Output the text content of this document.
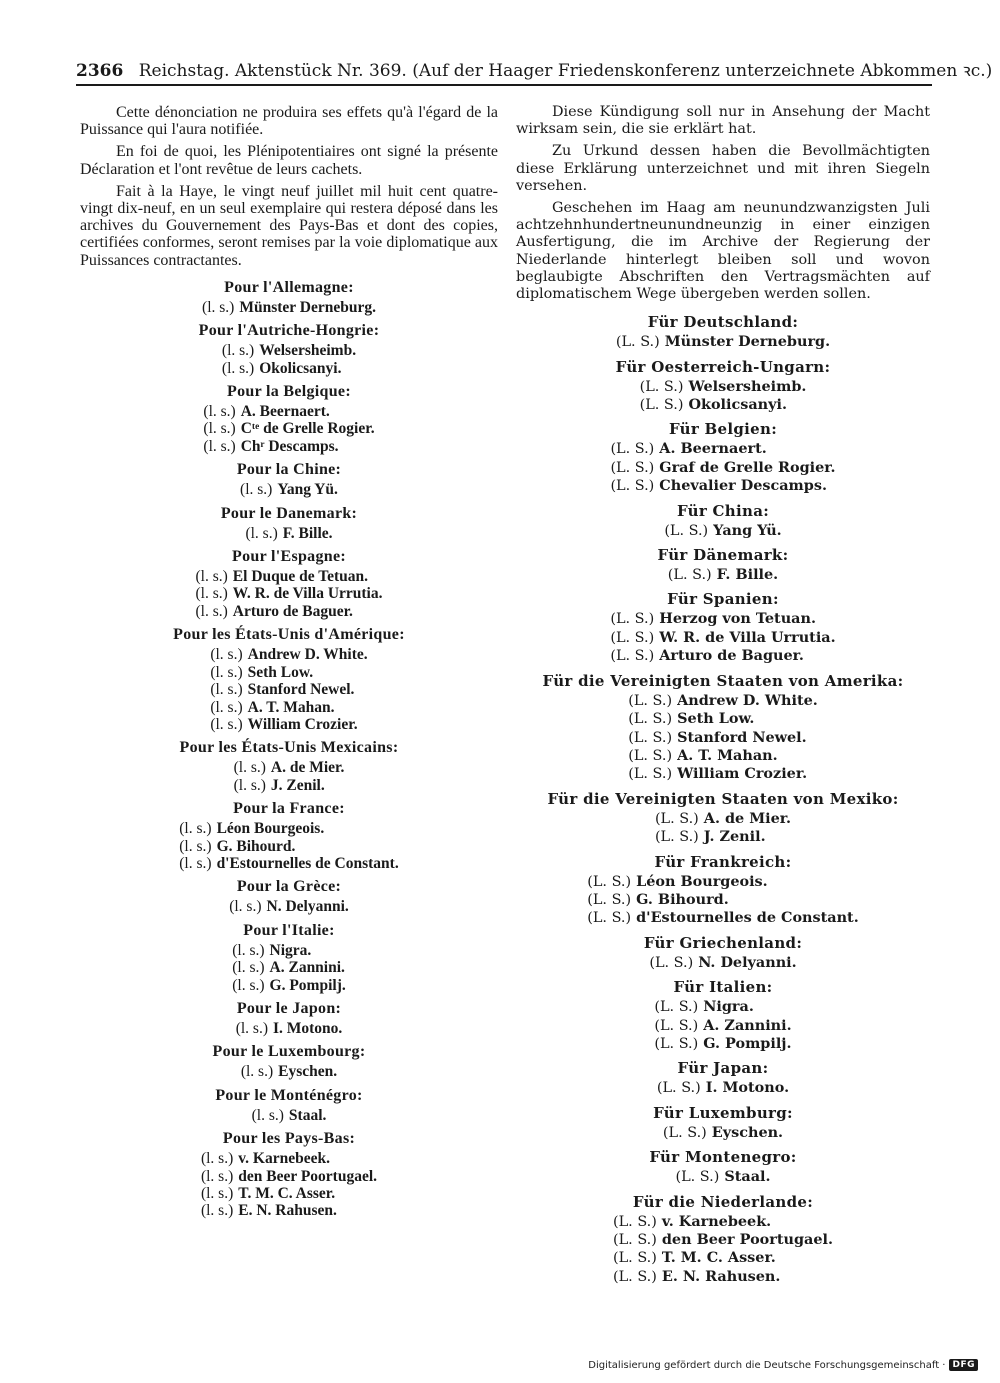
2366 Reichstag. Aktenstück Nr. 369. (Auf der Haager Friedenskonferenz unterzeichnete Abkommen ꝛc.)

Cette dénonciation ne produira ses effets qu'à l'égard de la Puissance qui l'aura notifiée.

En foi de quoi, les Plénipotentiaires ont signé la présente Déclaration et l'ont revêtue de leurs cachets.

Fait à la Haye, le vingt neuf juillet mil huit cent quatre-vingt dix-neuf, en un seul exemplaire qui restera déposé dans les archives du Gouvernement des Pays-Bas et dont des copies, certifiées conformes, seront remises par la voie diplomatique aux Puissances contractantes.

Pour l'Allemagne:
(l. s.) Münster Derneburg.
Pour l'Autriche-Hongrie:
(l. s.) Welsersheimb.
(l. s.) Okolicsanyi.
Pour la Belgique:
(l. s.) A. Beernaert.
(l. s.) Cᵗᵉ de Grelle Rogier.
(l. s.) Chʳ Descamps.
Pour la Chine:
(l. s.) Yang Yü.
Pour le Danemark:
(l. s.) F. Bille.
Pour l'Espagne:
(l. s.) El Duque de Tetuan.
(l. s.) W. R. de Villa Urrutia.
(l. s.) Arturo de Baguer.
Pour les États-Unis d'Amérique:
(l. s.) Andrew D. White.
(l. s.) Seth Low.
(l. s.) Stanford Newel.
(l. s.) A. T. Mahan.
(l. s.) William Crozier.
Pour les États-Unis Mexicains:
(l. s.) A. de Mier.
(l. s.) J. Zenil.
Pour la France:
(l. s.) Léon Bourgeois.
(l. s.) G. Bihourd.
(l. s.) d'Estournelles de Constant.
Pour la Grèce:
(l. s.) N. Delyanni.
Pour l'Italie:
(l. s.) Nigra.
(l. s.) A. Zannini.
(l. s.) G. Pompilj.
Pour le Japon:
(l. s.) I. Motono.
Pour le Luxembourg:
(l. s.) Eyschen.
Pour le Monténégro:
(l. s.) Staal.
Pour les Pays-Bas:
(l. s.) v. Karnebeek.
(l. s.) den Beer Poortugael.
(l. s.) T. M. C. Asser.
(l. s.) E. N. Rahusen.

Diese Kündigung soll nur in Ansehung der Macht wirksam sein, die sie erklärt hat.

Zu Urkund dessen haben die Bevollmächtigten diese Erklärung unterzeichnet und mit ihren Siegeln versehen.

Geschehen im Haag am neunundzwanzigsten Juli achtzehnhundertneunundneunzig in einer einzigen Ausfertigung, die im Archive der Regierung der Niederlande hinterlegt bleiben soll und wovon beglaubigte Abschriften den Vertragsmächten auf diplomatischem Wege übergeben werden sollen.

Für Deutschland:
(L. S.) Münster Derneburg.
Für Oesterreich-Ungarn:
(L. S.) Welsersheimb.
(L. S.) Okolicsanyi.
Für Belgien:
(L. S.) A. Beernaert.
(L. S.) Graf de Grelle Rogier.
(L. S.) Chevalier Descamps.
Für China:
(L. S.) Yang Yü.
Für Dänemark:
(L. S.) F. Bille.
Für Spanien:
(L. S.) Herzog von Tetuan.
(L. S.) W. R. de Villa Urrutia.
(L. S.) Arturo de Baguer.
Für die Vereinigten Staaten von Amerika:
(L. S.) Andrew D. White.
(L. S.) Seth Low.
(L. S.) Stanford Newel.
(L. S.) A. T. Mahan.
(L. S.) William Crozier.
Für die Vereinigten Staaten von Mexiko:
(L. S.) A. de Mier.
(L. S.) J. Zenil.
Für Frankreich:
(L. S.) Léon Bourgeois.
(L. S.) G. Bihourd.
(L. S.) d'Estournelles de Constant.
Für Griechenland:
(L. S.) N. Delyanni.
Für Italien:
(L. S.) Nigra.
(L. S.) A. Zannini.
(L. S.) G. Pompilj.
Für Japan:
(L. S.) I. Motono.
Für Luxemburg:
(L. S.) Eyschen.
Für Montenegro:
(L. S.) Staal.
Für die Niederlande:
(L. S.) v. Karnebeek.
(L. S.) den Beer Poortugael.
(L. S.) T. M. C. Asser.
(L. S.) E. N. Rahusen.
Digitalisierung gefördert durch die Deutsche Forschungsgemeinschaft · DFG
